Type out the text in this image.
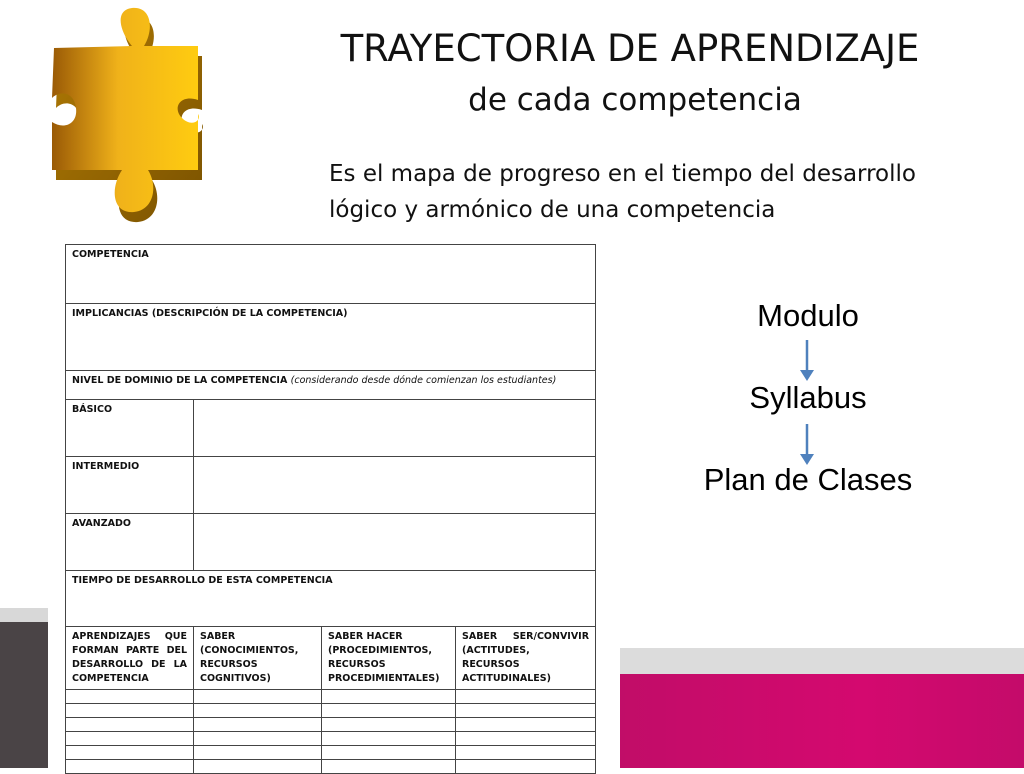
TRAYECTORIA DE APRENDIZAJE
de cada competencia
Es el mapa de progreso en el tiempo del desarrollo
lógico y armónico de una competencia
Modulo
Syllabus
Plan de Clases
COMPETENCIA			
IMPLICANCIAS (DESCRIPCIÓN DE LA COMPETENCIA)			
NIVEL DE DOMINIO DE LA COMPETENCIA (considerando desde dónde comienzan los estudiantes)			
BÁSICO			
INTERMEDIO			
AVANZADO			
TIEMPO DE DESARROLLO DE ESTA COMPETENCIA			
APRENDIZAJES QUE FORMAN PARTE DEL DESARROLLO DE LA COMPETENCIA	SABER (CONOCIMIENTOS, RECURSOS COGNITIVOS)	SABER HACER (PROCEDIMIENTOS, RECURSOS PROCEDIMIENTALES)	SABER SER/CONVIVIR (ACTITUDES, RECURSOS ACTITUDINALES)
